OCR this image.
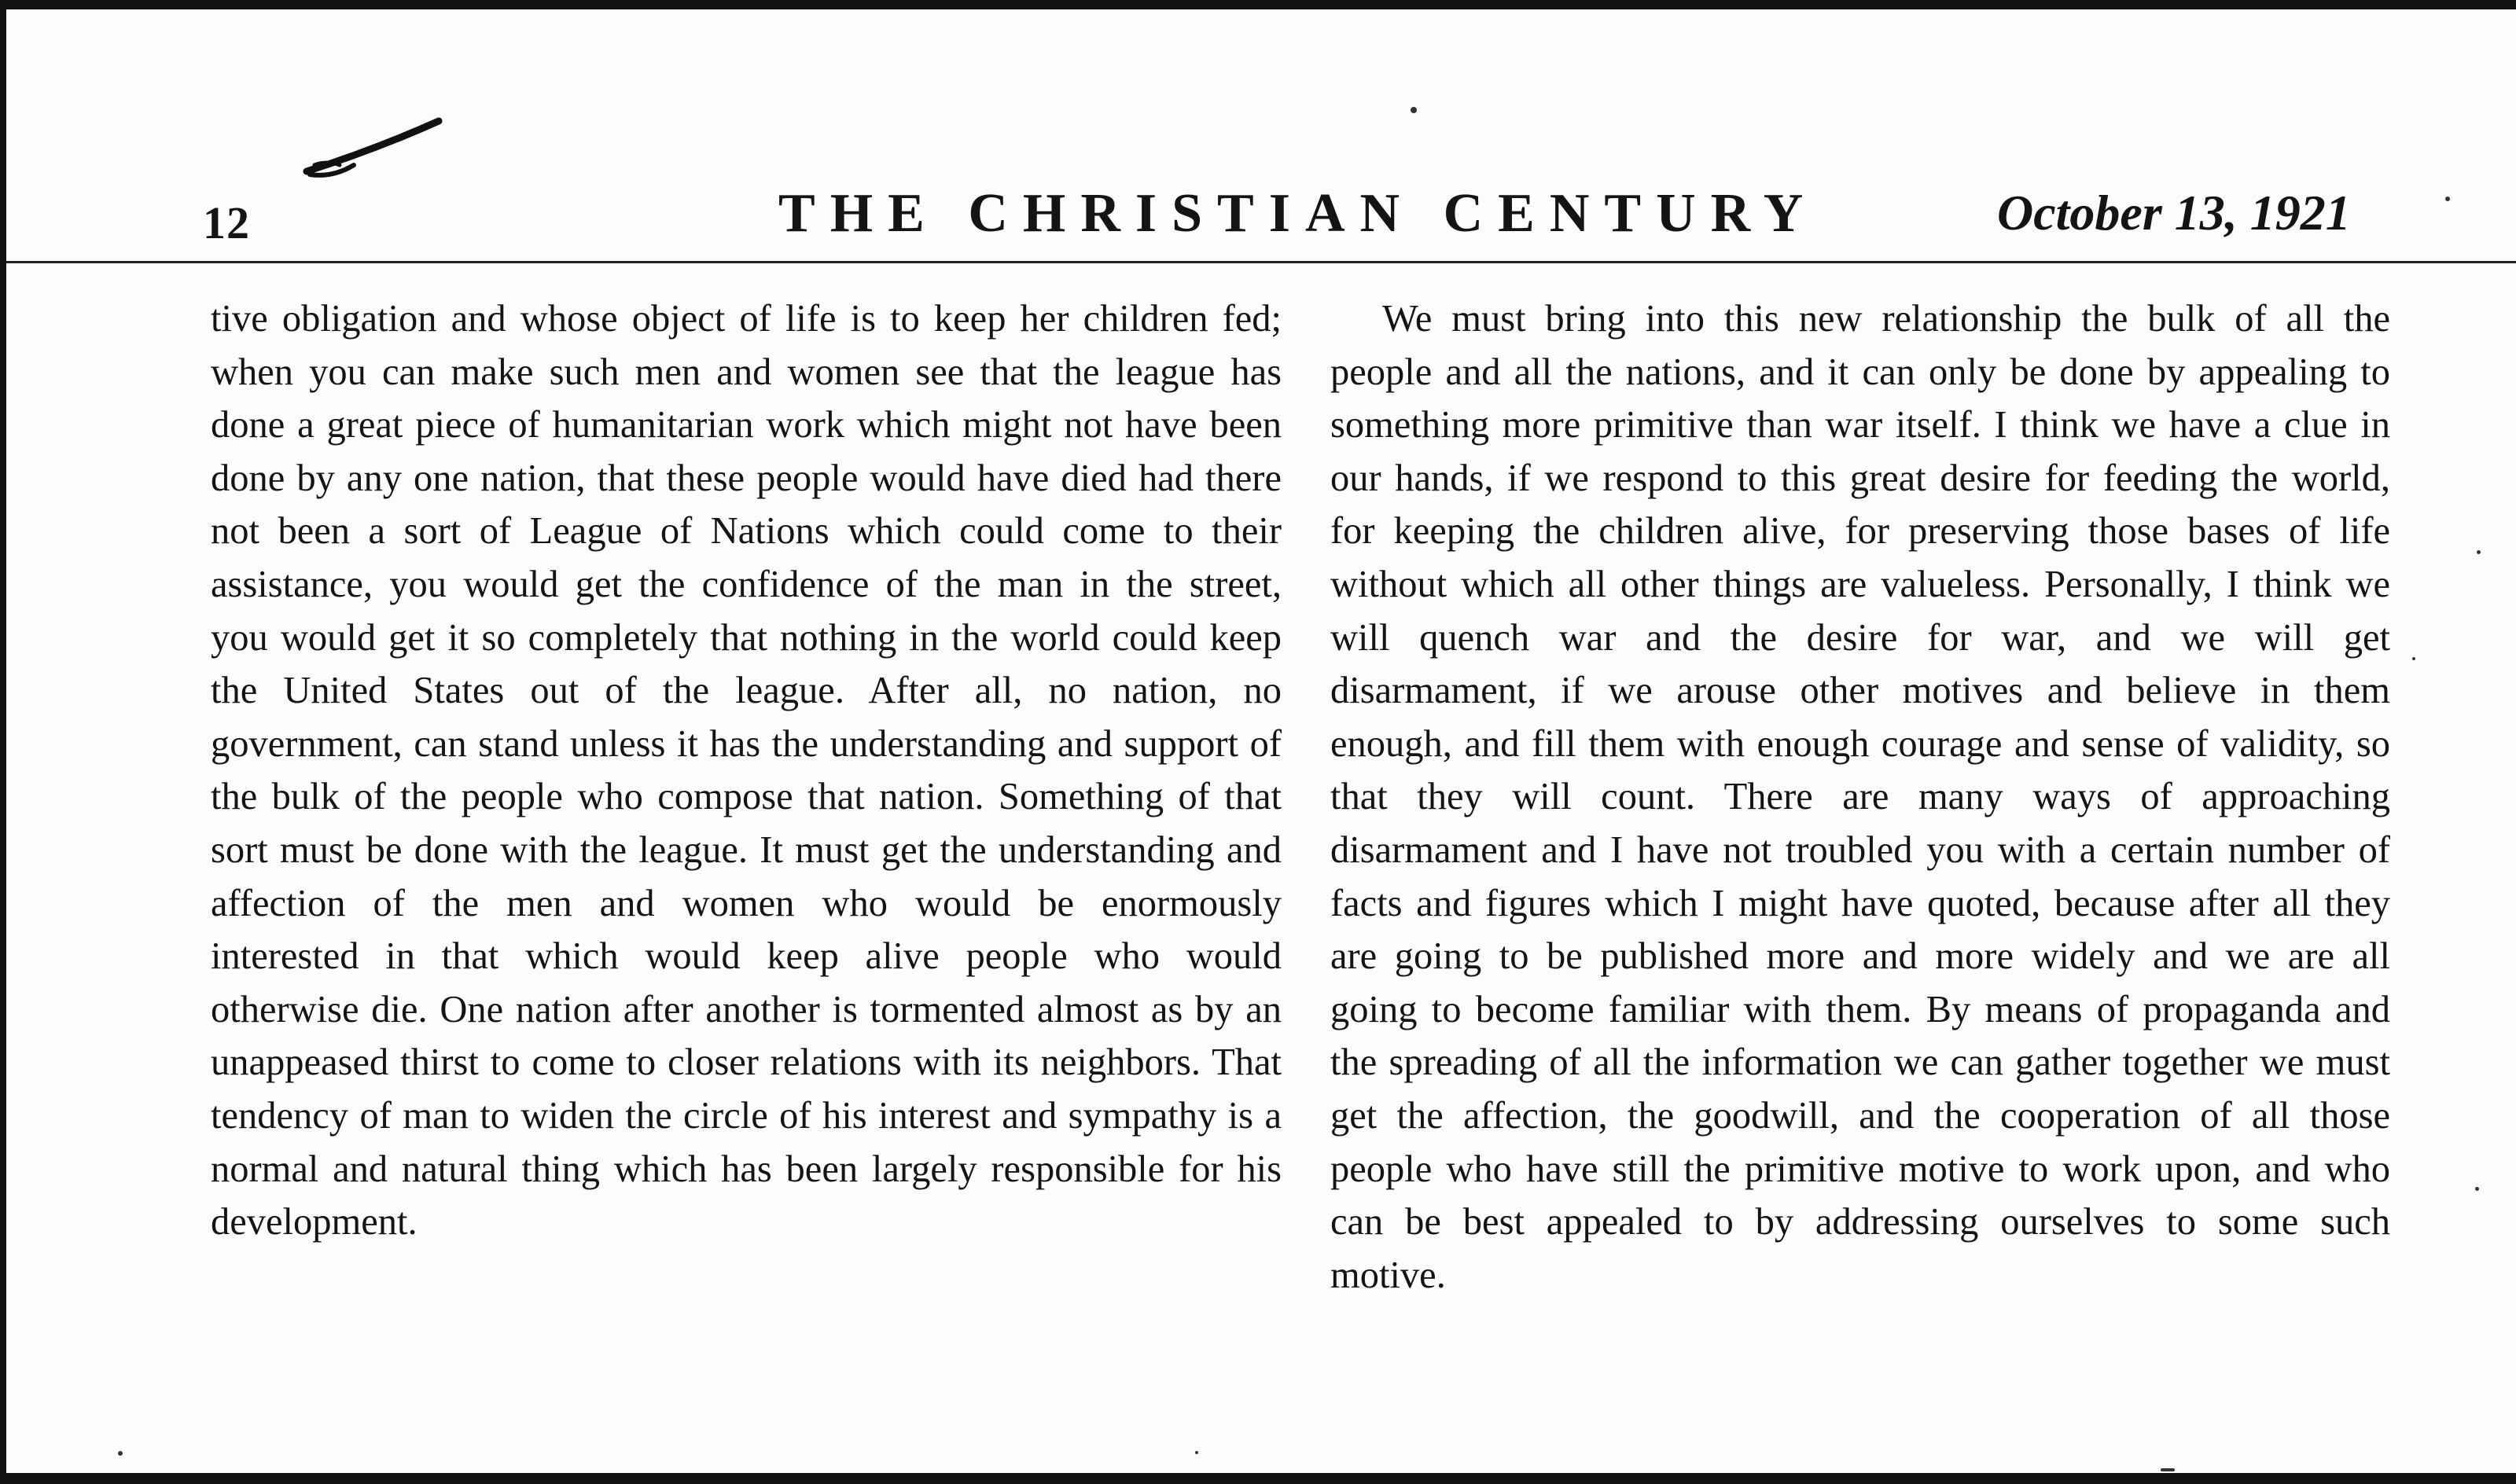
12	THE CHRISTIAN CENTURY	October 13, 1921

tive obligation and whose object of life is to keep her children fed; when you can make such men and women see that the league has done a great piece of humanitarian work which might not have been done by any one nation, that these people would have died had there not been a sort of League of Nations which could come to their assistance, you would get the confidence of the man in the street, you would get it so completely that nothing in the world could keep the United States out of the league. After all, no nation, no government, can stand unless it has the understanding and support of the bulk of the people who compose that nation. Something of that sort must be done with the league. It must get the understanding and affection of the men and women who would be enormously interested in that which would keep alive people who would otherwise die. One nation after another is tormented almost as by an unappeased thirst to come to closer relations with its neighbors. That tendency of man to widen the circle of his interest and sympathy is a normal and natural thing which has been largely responsible for his development.

We must bring into this new relationship the bulk of all the people and all the nations, and it can only be done by appealing to something more primitive than war itself. I think we have a clue in our hands, if we respond to this great desire for feeding the world, for keeping the children alive, for preserving those bases of life without which all other things are valueless. Personally, I think we will quench war and the desire for war, and we will get disarmament, if we arouse other motives and believe in them enough, and fill them with enough courage and sense of validity, so that they will count. There are many ways of approaching disarmament and I have not troubled you with a certain number of facts and figures which I might have quoted, because after all they are going to be published more and more widely and we are all going to become familiar with them. By means of propaganda and the spreading of all the information we can gather together we must get the affection, the goodwill, and the cooperation of all those people who have still the primitive motive to work upon, and who can be best appealed to by addressing ourselves to some such motive.
